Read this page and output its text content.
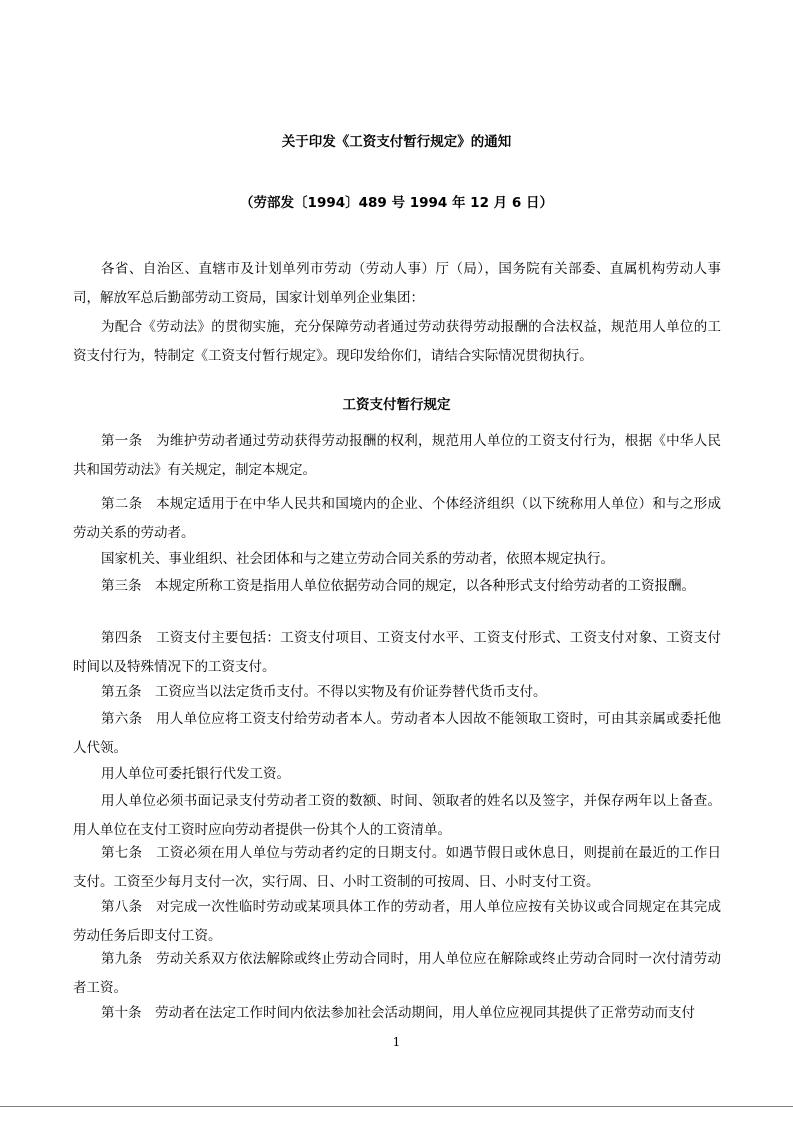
关于印发《工资支付暂行规定》的通知
（劳部发〔1994〕489 号 1994 年 12 月 6 日）

各省、自治区、直辖市及计划单列市劳动（劳动人事）厅（局），国务院有关部委、直属机构劳动人事司，解放军总后勤部劳动工资局，国家计划单列企业集团：

为配合《劳动法》的贯彻实施，充分保障劳动者通过劳动获得劳动报酬的合法权益，规范用人单位的工资支付行为，特制定《工资支付暂行规定》。现印发给你们，请结合实际情况贯彻执行。

工资支付暂行规定

第一条　为维护劳动者通过劳动获得劳动报酬的权利，规范用人单位的工资支付行为，根据《中华人民共和国劳动法》有关规定，制定本规定。

第二条　本规定适用于在中华人民共和国境内的企业、个体经济组织（以下统称用人单位）和与之形成劳动关系的劳动者。

国家机关、事业组织、社会团体和与之建立劳动合同关系的劳动者，依照本规定执行。

第三条　本规定所称工资是指用人单位依据劳动合同的规定，以各种形式支付给劳动者的工资报酬。

第四条　工资支付主要包括：工资支付项目、工资支付水平、工资支付形式、工资支付对象、工资支付时间以及特殊情况下的工资支付。

第五条　工资应当以法定货币支付。不得以实物及有价证券替代货币支付。

第六条　用人单位应将工资支付给劳动者本人。劳动者本人因故不能领取工资时，可由其亲属或委托他人代领。

用人单位可委托银行代发工资。

用人单位必须书面记录支付劳动者工资的数额、时间、领取者的姓名以及签字，并保存两年以上备查。用人单位在支付工资时应向劳动者提供一份其个人的工资清单。

第七条　工资必须在用人单位与劳动者约定的日期支付。如遇节假日或休息日，则提前在最近的工作日支付。工资至少每月支付一次，实行周、日、小时工资制的可按周、日、小时支付工资。

第八条　对完成一次性临时劳动或某项具体工作的劳动者，用人单位应按有关协议或合同规定在其完成劳动任务后即支付工资。

第九条　劳动关系双方依法解除或终止劳动合同时，用人单位应在解除或终止劳动合同时一次付清劳动者工资。

第十条　劳动者在法定工作时间内依法参加社会活动期间，用人单位应视同其提供了正常劳动而支付

1
